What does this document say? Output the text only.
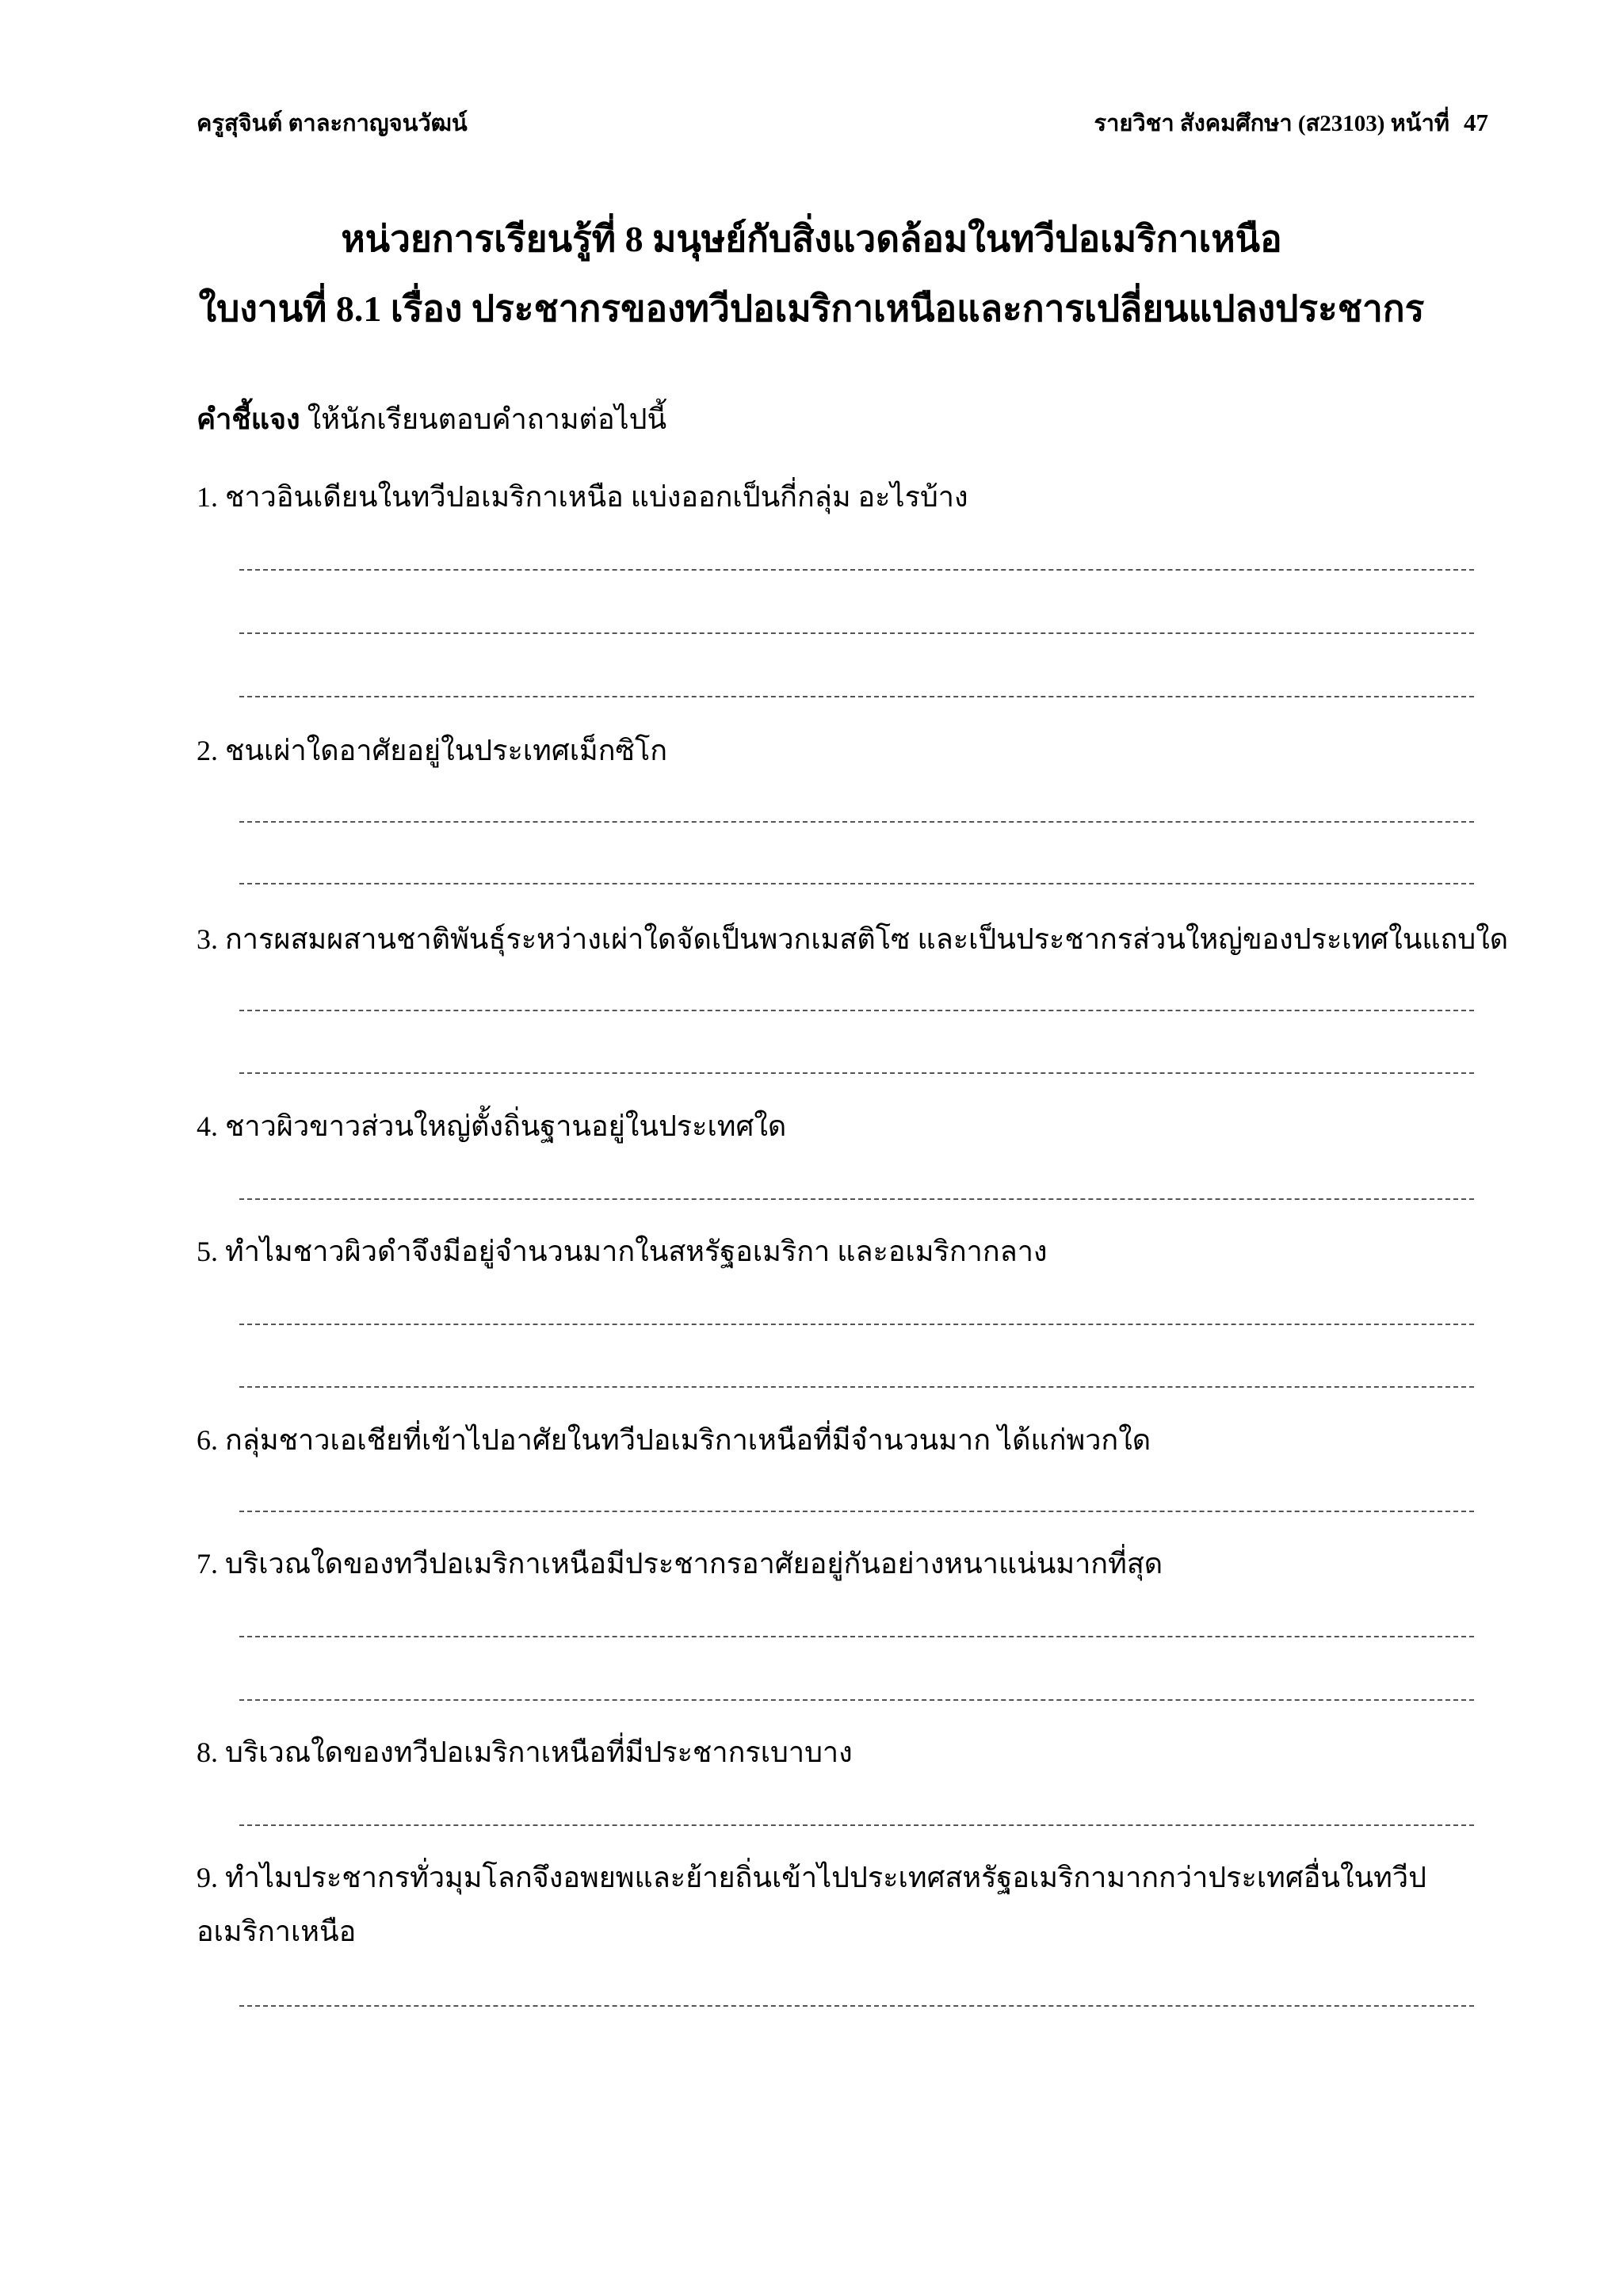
ครูสุจินต์ ตาละกาญจนวัฒน์	รายวิชา สังคมศึกษา (ส23103) หน้าที่ 47
หน่วยการเรียนรู้ที่ 8 มนุษย์กับสิ่งแวดล้อมในทวีปอเมริกาเหนือ
ใบงานที่ 8.1 เรื่อง ประชากรของทวีปอเมริกาเหนือและการเปลี่ยนแปลงประชากร
คำชี้แจง ให้นักเรียนตอบคำถามต่อไปนี้
1. ชาวอินเดียนในทวีปอเมริกาเหนือ แบ่งออกเป็นกี่กลุ่ม อะไรบ้าง
2. ชนเผ่าใดอาศัยอยู่ในประเทศเม็กซิโก
3. การผสมผสานชาติพันธุ์ระหว่างเผ่าใดจัดเป็นพวกเมสติโซ และเป็นประชากรส่วนใหญ่ของประเทศในแถบใด
4. ชาวผิวขาวส่วนใหญ่ตั้งถิ่นฐานอยู่ในประเทศใด
5. ทำไมชาวผิวดำจึงมีอยู่จำนวนมากในสหรัฐอเมริกา และอเมริกากลาง
6. กลุ่มชาวเอเชียที่เข้าไปอาศัยในทวีปอเมริกาเหนือที่มีจำนวนมาก ได้แก่พวกใด
7. บริเวณใดของทวีปอเมริกาเหนือมีประชากรอาศัยอยู่กันอย่างหนาแน่นมากที่สุด
8. บริเวณใดของทวีปอเมริกาเหนือที่มีประชากรเบาบาง
9. ทำไมประชากรทั่วมุมโลกจึงอพยพและย้ายถิ่นเข้าไปประเทศสหรัฐอเมริกามากกว่าประเทศอื่นในทวีป
อเมริกาเหนือ
